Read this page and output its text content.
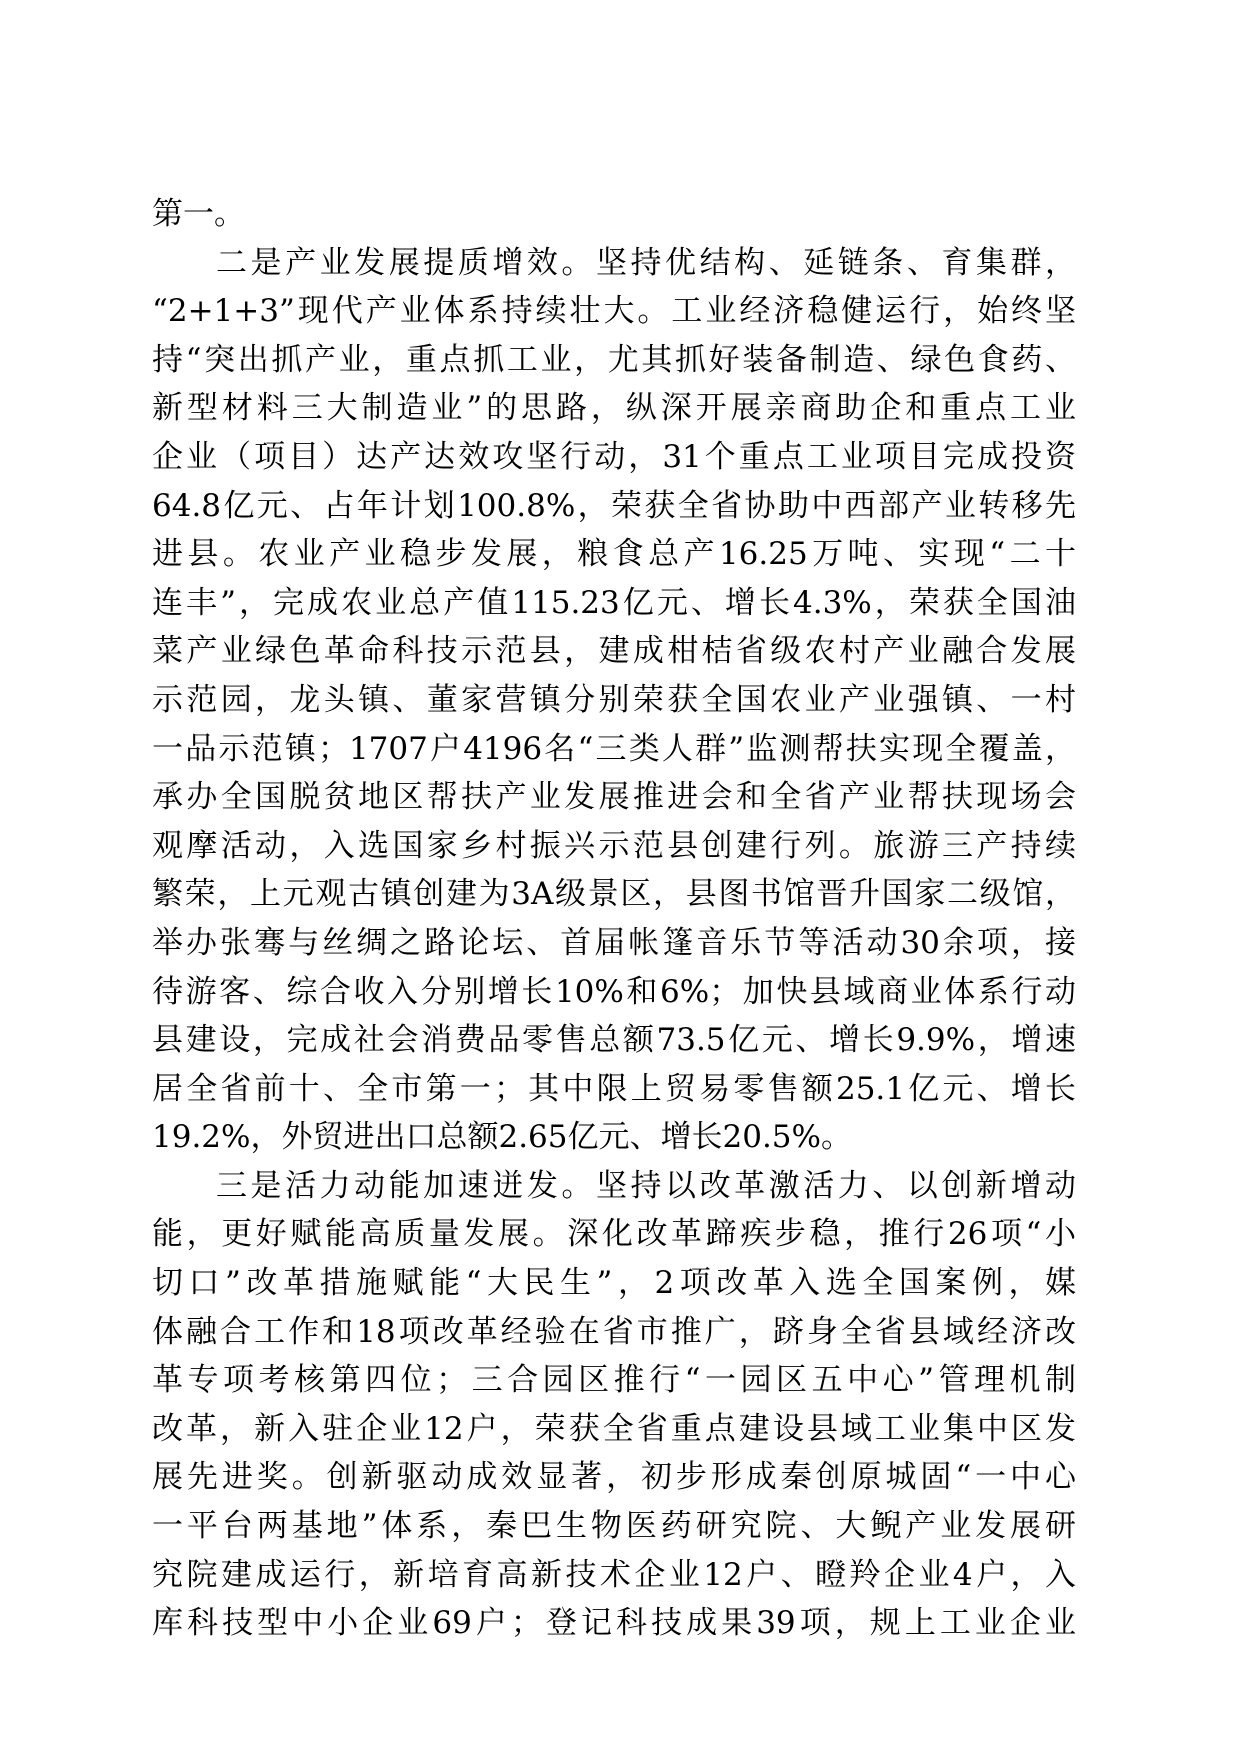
第一。
二是产业发展提质增效。坚持优结构、延链条、育集群，
“2+1+3”现代产业体系持续壮大。工业经济稳健运行，始终坚
持“突出抓产业，重点抓工业，尤其抓好装备制造、绿色食药、
新型材料三大制造业”的思路，纵深开展亲商助企和重点工业
企业（项目）达产达效攻坚行动，31个重点工业项目完成投资
64.8亿元、占年计划100.8%，荣获全省协助中西部产业转移先
进县。农业产业稳步发展，粮食总产16.25万吨、实现“二十
连丰”，完成农业总产值115.23亿元、增长4.3%，荣获全国油
菜产业绿色革命科技示范县，建成柑桔省级农村产业融合发展
示范园，龙头镇、董家营镇分别荣获全国农业产业强镇、一村
一品示范镇；1707户4196名“三类人群”监测帮扶实现全覆盖，
承办全国脱贫地区帮扶产业发展推进会和全省产业帮扶现场会
观摩活动，入选国家乡村振兴示范县创建行列。旅游三产持续
繁荣，上元观古镇创建为3A级景区，县图书馆晋升国家二级馆，
举办张骞与丝绸之路论坛、首届帐篷音乐节等活动30余项，接
待游客、综合收入分别增长10%和6%；加快县域商业体系行动
县建设，完成社会消费品零售总额73.5亿元、增长9.9%，增速
居全省前十、全市第一；其中限上贸易零售额25.1亿元、增长
19.2%，外贸进出口总额2.65亿元、增长20.5%。
三是活力动能加速迸发。坚持以改革激活力、以创新增动
能，更好赋能高质量发展。深化改革蹄疾步稳，推行26项“小
切口”改革措施赋能“大民生”，2项改革入选全国案例，媒
体融合工作和18项改革经验在省市推广，跻身全省县域经济改
革专项考核第四位；三合园区推行“一园区五中心”管理机制
改革，新入驻企业12户，荣获全省重点建设县域工业集中区发
展先进奖。创新驱动成效显著，初步形成秦创原城固“一中心
一平台两基地”体系，秦巴生物医药研究院、大鲵产业发展研
究院建成运行，新培育高新技术企业12户、瞪羚企业4户，入
库科技型中小企业69户；登记科技成果39项，规上工业企业
